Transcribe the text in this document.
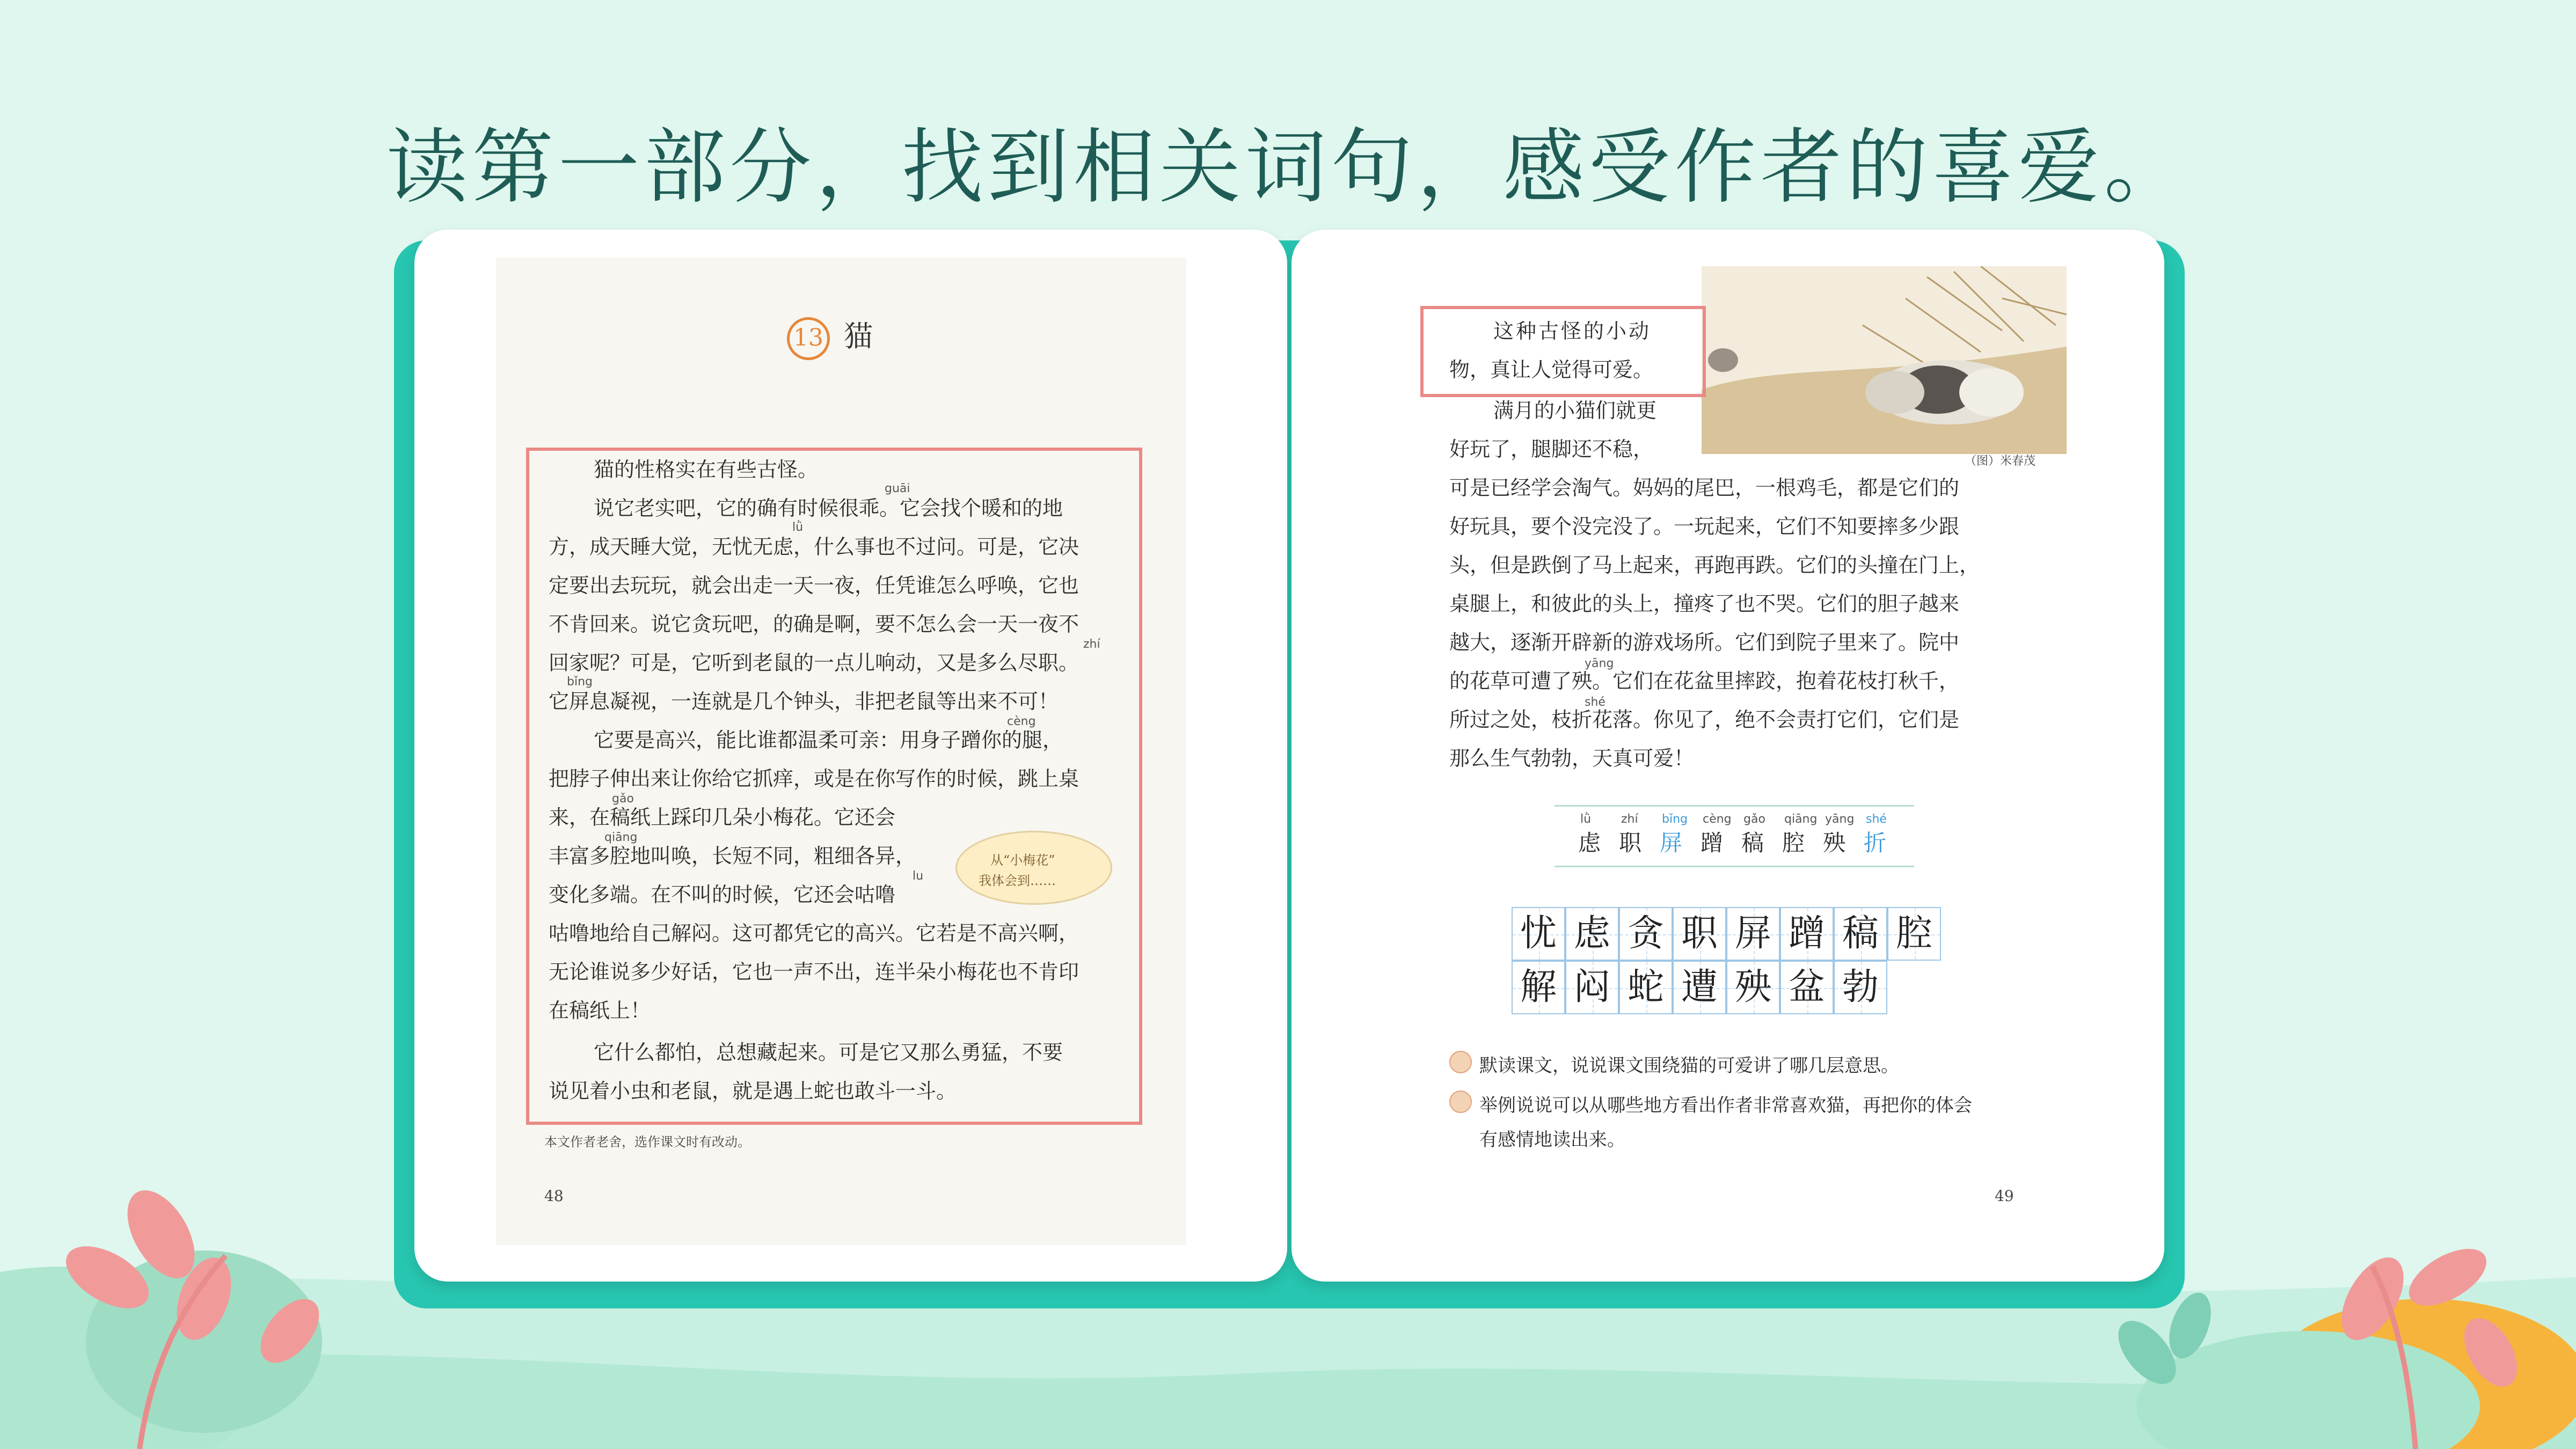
读第一部分，找到相关词句，感受作者的喜爱。
13 猫
猫的性格实在有些古怪。
说它老实吧，它的确有时候很乖。它会找个暖和的地
方，成天睡大觉，无忧无虑，什么事也不过问。可是，它决
定要出去玩玩，就会出走一天一夜，任凭谁怎么呼唤，它也
不肯回来。说它贪玩吧，的确是啊，要不怎么会一天一夜不
回家呢？可是，它听到老鼠的一点儿响动，又是多么尽职。
它屏息凝视，一连就是几个钟头，非把老鼠等出来不可！
它要是高兴，能比谁都温柔可亲：用身子蹭你的腿，
把脖子伸出来让你给它抓痒，或是在你写作的时候，跳上桌
来，在稿纸上踩印几朵小梅花。它还会
丰富多腔地叫唤，长短不同，粗细各异，
变化多端。在不叫的时候，它还会咕噜
咕噜地给自己解闷。这可都凭它的高兴。它若是不高兴啊，
无论谁说多少好话，它也一声不出，连半朵小梅花也不肯印
在稿纸上！
它什么都怕，总想藏起来。可是它又那么勇猛，不要
说见着小虫和老鼠，就是遇上蛇也敢斗一斗。
guāi
lǜ
zhí
bǐng
cèng
gǎo
qiāng
lu
从“小梅花”
我体会到……
本文作者老舍，选作课文时有改动。
48
（图）米春茂
这种古怪的小动
物，真让人觉得可爱。
满月的小猫们就更
好玩了，腿脚还不稳，
可是已经学会淘气。妈妈的尾巴，一根鸡毛，都是它们的
好玩具，要个没完没了。一玩起来，它们不知要摔多少跟
头，但是跌倒了马上起来，再跑再跌。它们的头撞在门上，
桌腿上，和彼此的头上，撞疼了也不哭。它们的胆子越来
越大，逐渐开辟新的游戏场所。它们到院子里来了。院中
的花草可遭了殃。它们在花盆里摔跤，抱着花枝打秋千，
所过之处，枝折花落。你见了，绝不会责打它们，它们是
那么生气勃勃，天真可爱！
yāng
shé
lǜ
虑
zhí
职
bǐng
屏
cèng
蹭
gǎo
稿
qiāng
腔
yāng
殃
shé
折
忧 虑 贪 职 屏 蹭 稿 腔
解 闷 蛇 遭 殃 盆 勃
默读课文，说说课文围绕猫的可爱讲了哪几层意思。
举例说说可以从哪些地方看出作者非常喜欢猫，再把你的体会
有感情地读出来。
49
